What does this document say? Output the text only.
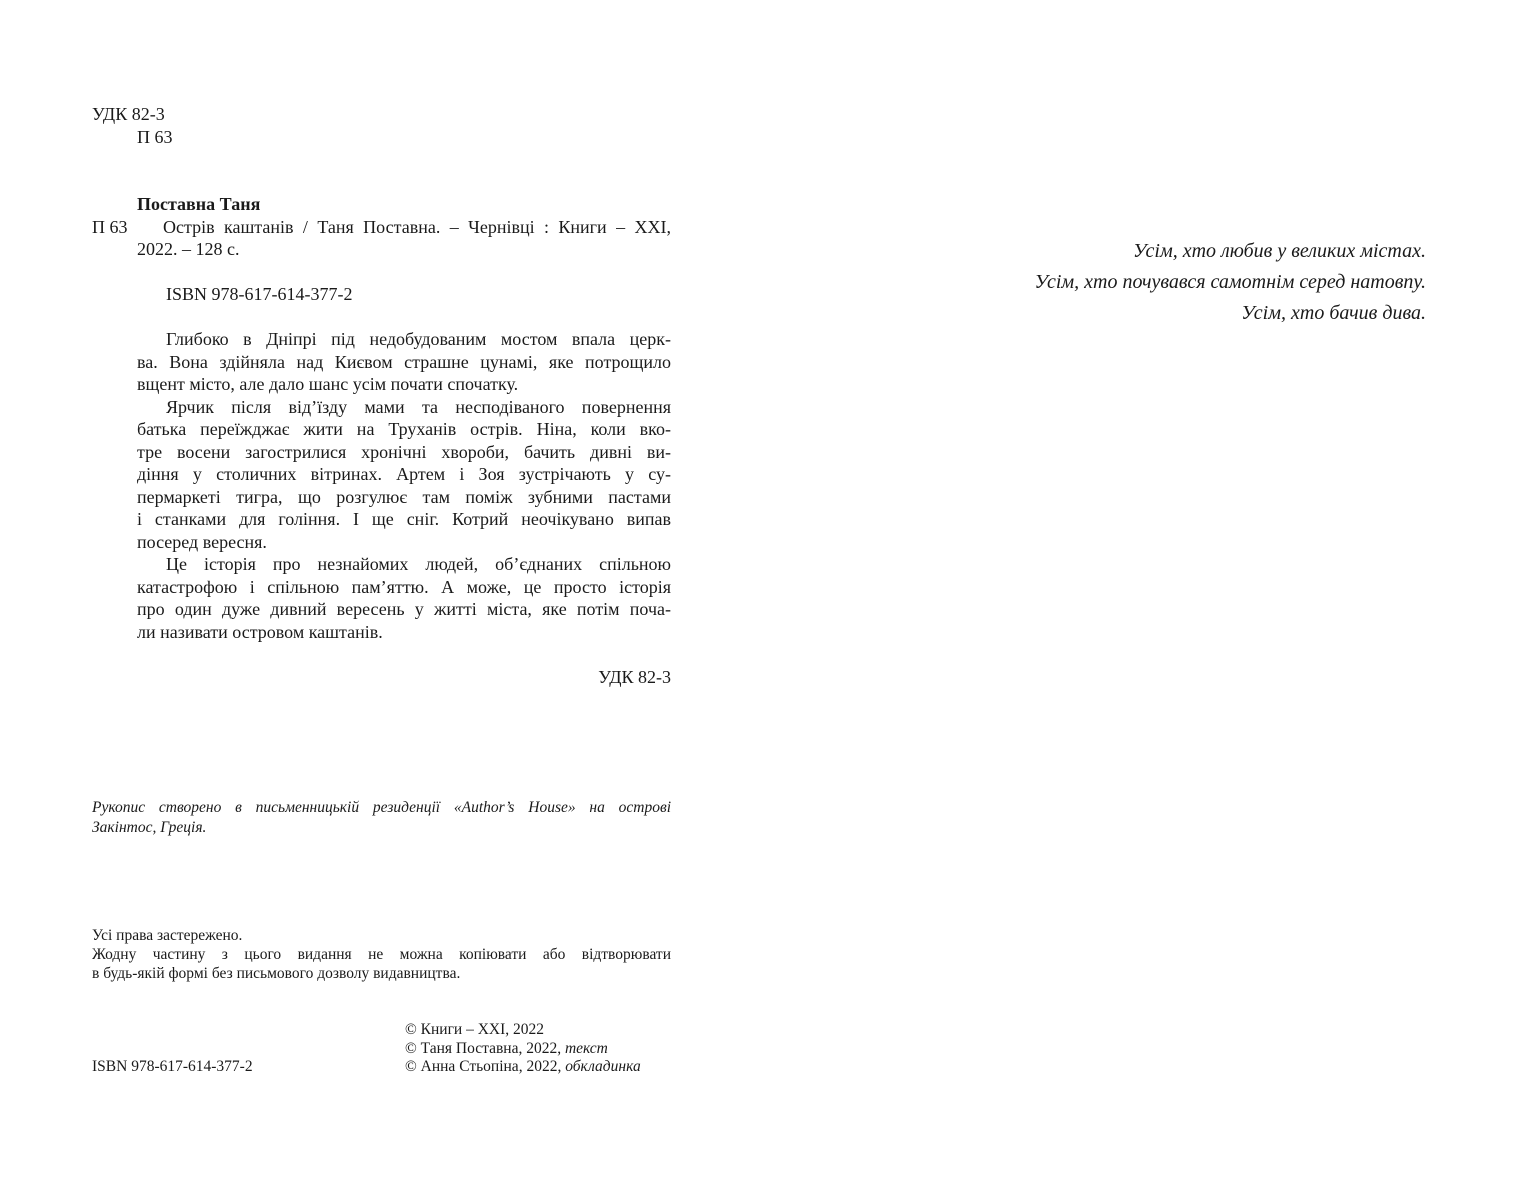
УДК 82-3
П 63
Поставна Таня
П 63 Острів каштанів / Таня Поставна. – Чернівці : Книги – XXI,
2022. – 128 с.
ISBN 978-617-614-377-2
Глибоко в Дніпрі під недобудованим мостом впала церк-
ва. Вона здійняла над Києвом страшне цунамі, яке потрощило
вщент місто, але дало шанс усім почати спочатку.
Ярчик після від’їзду мами та несподіваного повернення
батька переїжджає жити на Труханів острів. Ніна, коли вко-
тре восени загострилися хронічні хвороби, бачить дивні ви-
діння у столичних вітринах. Артем і Зоя зустрічають у су-
пермаркеті тигра, що розгулює там поміж зубними пастами
і станками для гоління. І ще сніг. Котрий неочікувано випав
посеред вересня.
Це історія про незнайомих людей, об’єднаних спільною
катастрофою і спільною пам’яттю. А може, це просто історія
про один дуже дивний вересень у житті міста, яке потім поча-
ли називати островом каштанів.
УДК 82-3
Рукопис створено в письменницькій резиденції «Author’s House» на острові
Закінтос, Греція.
Усі права застережено.
Жодну частину з цього видання не можна копіювати або відтворювати
в будь-якій формі без письмового дозволу видавництва.
ISBN 978-617-614-377-2
© Книги – XXI, 2022
© Таня Поставна, 2022, текст
© Анна Стьопіна, 2022, обкладинка
Усім, хто любив у великих містах.
Усім, хто почувався самотнім серед натовпу.
Усім, хто бачив дива.
